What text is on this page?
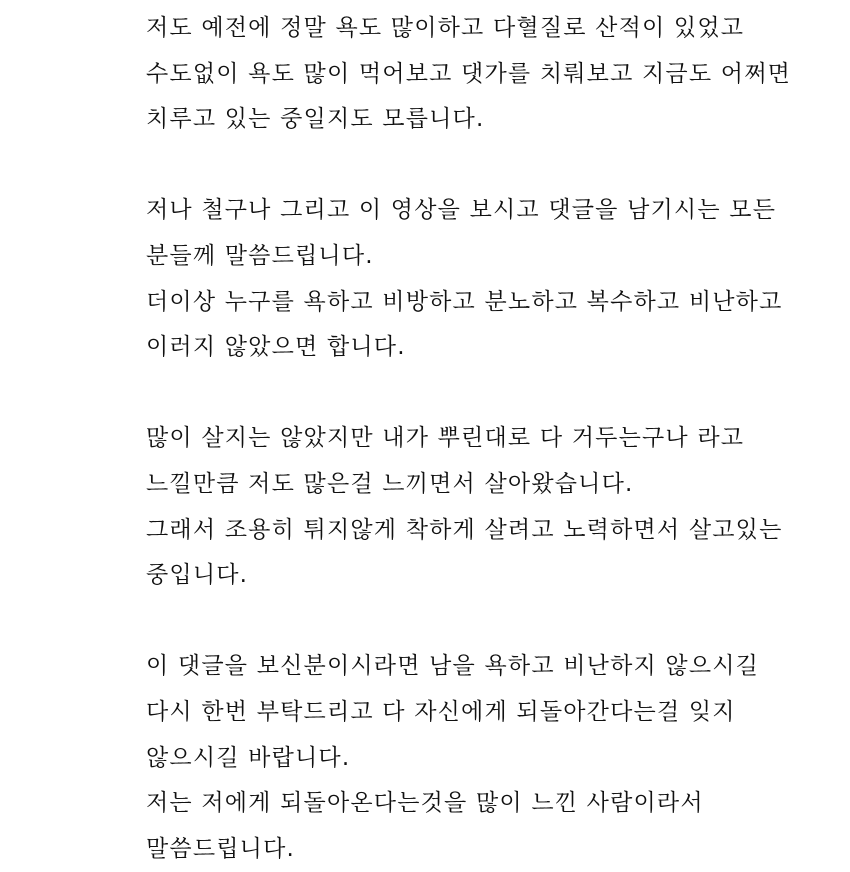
저도 예전에 정말 욕도 많이하고 다혈질로 산적이 있었고
수도없이 욕도 많이 먹어보고 댓가를 치뤄보고 지금도 어쩌면
치루고 있는 중일지도 모릅니다.
저나 철구나 그리고 이 영상을 보시고 댓글을 남기시는 모든
분들께 말씀드립니다.
더이상 누구를 욕하고 비방하고 분노하고 복수하고 비난하고
이러지 않았으면 합니다.
많이 살지는 않았지만 내가 뿌린대로 다 거두는구나 라고
느낄만큼 저도 많은걸 느끼면서 살아왔습니다.
그래서 조용히 튀지않게 착하게 살려고 노력하면서 살고있는
중입니다.
이 댓글을 보신분이시라면 남을 욕하고 비난하지 않으시길
다시 한번 부탁드리고 다 자신에게 되돌아간다는걸 잊지
않으시길 바랍니다.
저는 저에게 되돌아온다는것을 많이 느낀 사람이라서
말씀드립니다.
